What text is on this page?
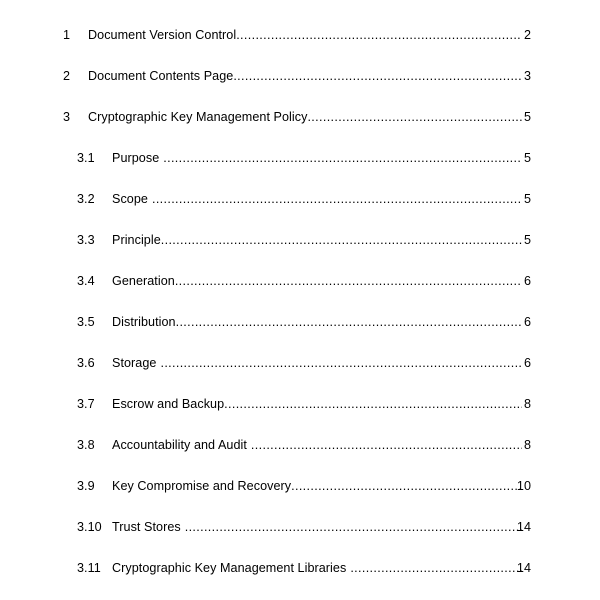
1 Document Version Control .....	2
2 Document Contents Page .....	3
3 Cryptographic Key Management Policy .....	5
3.1 Purpose .....	5
3.2 Scope .....	5
3.3 Principle .....	5
3.4 Generation .....	6
3.5 Distribution .....	6
3.6 Storage .....	6
3.7 Escrow and Backup .....	8
3.8 Accountability and Audit .....	8
3.9 Key Compromise and Recovery .....	10
3.10 Trust Stores .....	14
3.11 Cryptographic Key Management Libraries .....	14
